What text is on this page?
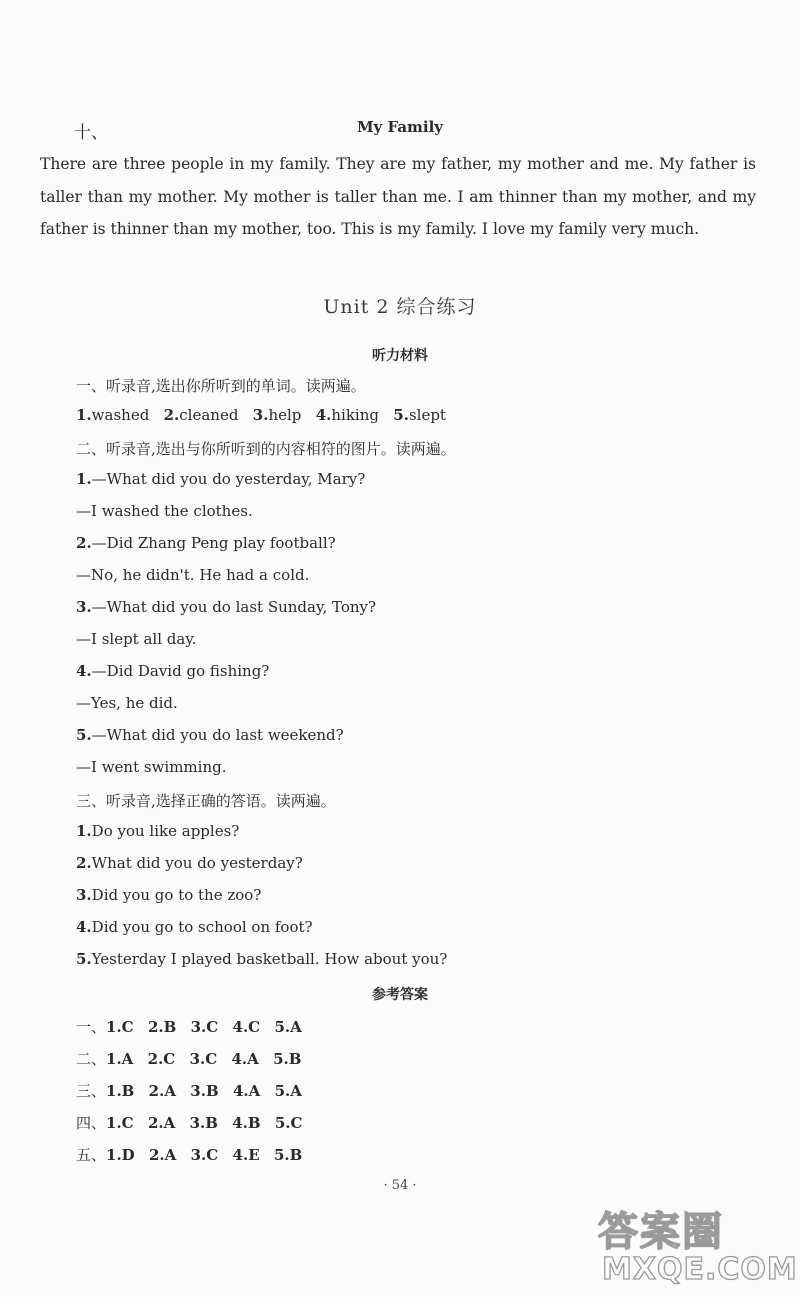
十、	My Family
There are three people in my family. They are my father, my mother and me. My father is taller than my mother. My mother is taller than me. I am thinner than my mother, and my father is thinner than my mother, too. This is my family. I love my family very much.
Unit 2 综合练习
听力材料
一、听录音,选出你所听到的单词。读两遍。
1.washed 2.cleaned 3.help 4.hiking 5.slept
二、听录音,选出与你所听到的内容相符的图片。读两遍。
1.—What did you do yesterday, Mary?
—I washed the clothes.
2.—Did Zhang Peng play football?
—No, he didn't. He had a cold.
3.—What did you do last Sunday, Tony?
—I slept all day.
4.—Did David go fishing?
—Yes, he did.
5.—What did you do last weekend?
—I went swimming.
三、听录音,选择正确的答语。读两遍。
1.Do you like apples?
2.What did you do yesterday?
3.Did you go to the zoo?
4.Did you go to school on foot?
5.Yesterday I played basketball. How about you?
参考答案
一、1.C 2.B 3.C 4.C 5.A
二、1.A 2.C 3.C 4.A 5.B
三、1.B 2.A 3.B 4.A 5.A
四、1.C 2.A 3.B 4.B 5.C
五、1.D 2.A 3.C 4.E 5.B
· 54 ·
答案圈
MXQE.COM
